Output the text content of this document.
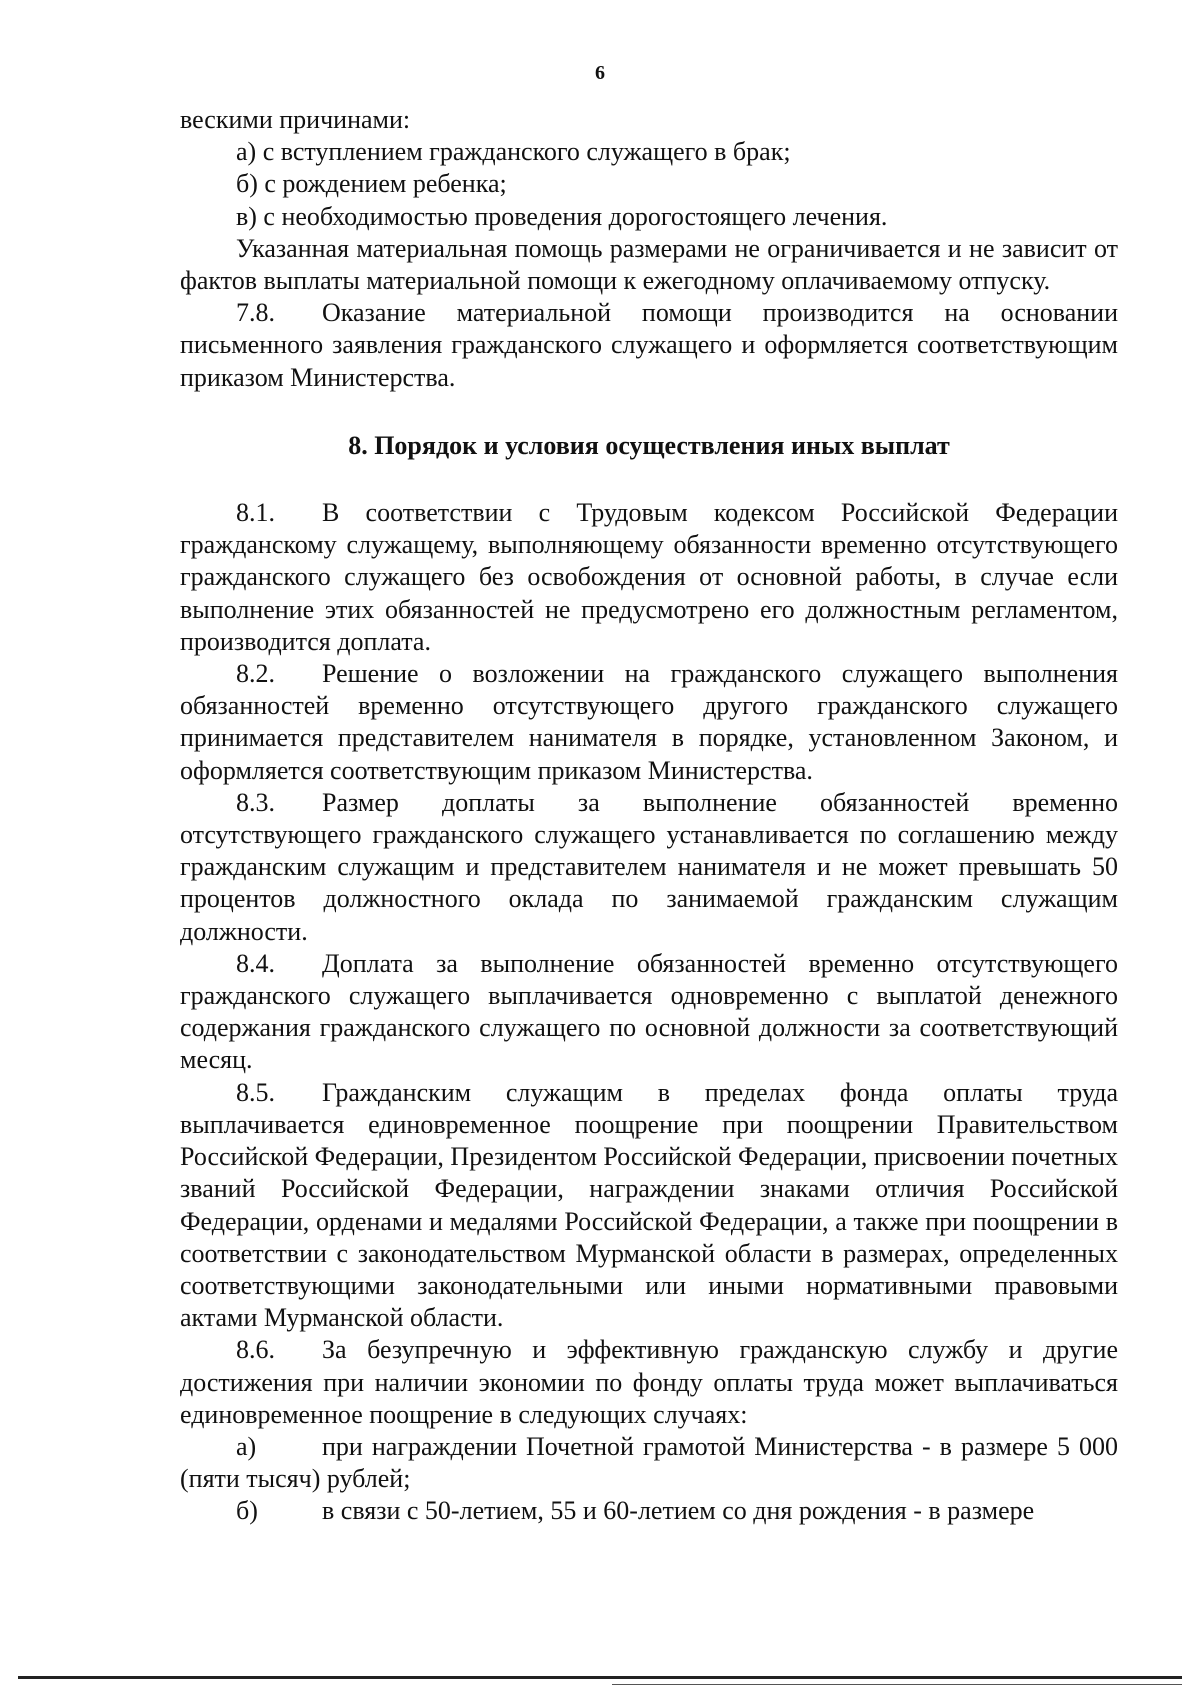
6

вескими причинами:

а) с вступлением гражданского служащего в брак;

б) с рождением ребенка;

в) с необходимостью проведения дорогостоящего лечения.

Указанная материальная помощь размерами не ограничивается и не зависит от фактов выплаты материальной помощи к ежегодному оплачиваемому отпуску.

7.8. Оказание материальной помощи производится на основании письменного заявления гражданского служащего и оформляется соответствующим приказом Министерства.

8. Порядок и условия осуществления иных выплат

8.1. В соответствии с Трудовым кодексом Российской Федерации гражданскому служащему, выполняющему обязанности временно отсутствующего гражданского служащего без освобождения от основной работы, в случае если выполнение этих обязанностей не предусмотрено его должностным регламентом, производится доплата.

8.2. Решение о возложении на гражданского служащего выполнения обязанностей временно отсутствующего другого гражданского служащего принимается представителем нанимателя в порядке, установленном Законом, и оформляется соответствующим приказом Министерства.

8.3. Размер доплаты за выполнение обязанностей временно отсутствующего гражданского служащего устанавливается по соглашению между гражданским служащим и представителем нанимателя и не может превышать 50 процентов должностного оклада по занимаемой гражданским служащим должности.

8.4. Доплата за выполнение обязанностей временно отсутствующего гражданского служащего выплачивается одновременно с выплатой денежного содержания гражданского служащего по основной должности за соответствующий месяц.

8.5. Гражданским служащим в пределах фонда оплаты труда выплачивается единовременное поощрение при поощрении Правительством Российской Федерации, Президентом Российской Федерации, присвоении почетных званий Российской Федерации, награждении знаками отличия Российской Федерации, орденами и медалями Российской Федерации, а также при поощрении в соответствии с законодательством Мурманской области в размерах, определенных соответствующими законодательными или иными нормативными правовыми актами Мурманской области.

8.6. За безупречную и эффективную гражданскую службу и другие достижения при наличии экономии по фонду оплаты труда может выплачиваться единовременное поощрение в следующих случаях:

а)	при награждении Почетной грамотой Министерства - в размере 5 000 (пяти тысяч) рублей;

б) в связи с 50-летием, 55 и 60-летием со дня рождения - в размере
